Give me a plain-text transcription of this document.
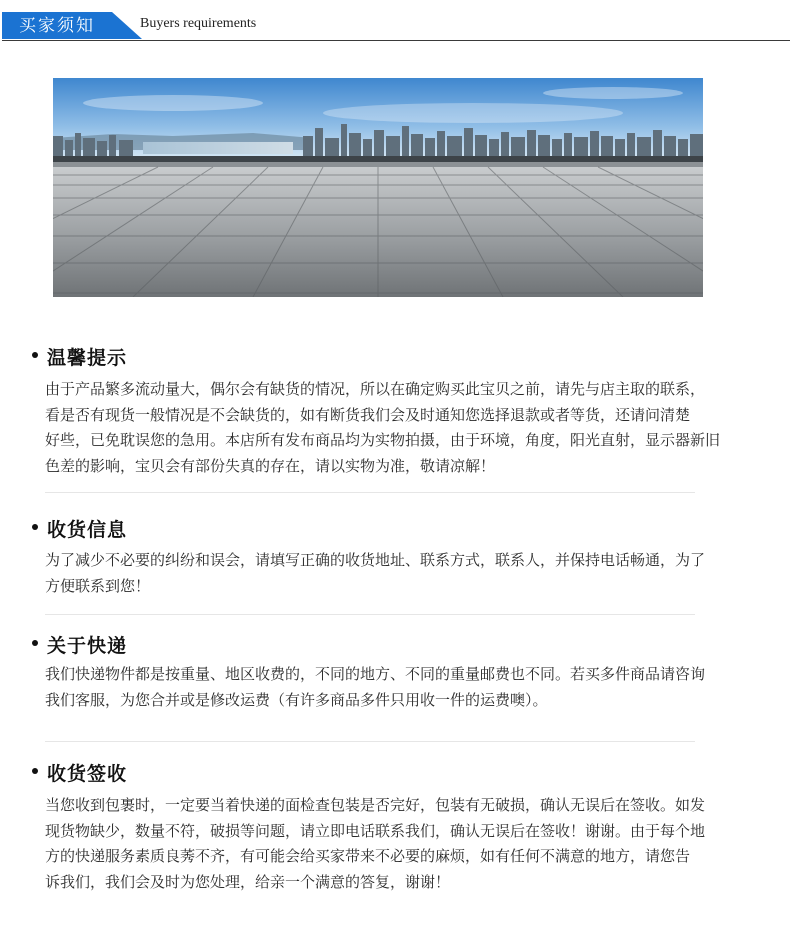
买家须知	Buyers requirements
温馨提示
由于产品繁多流动量大，偶尔会有缺货的情况，所以在确定购买此宝贝之前，请先与店主取的联系，
看是否有现货一般情况是不会缺货的，如有断货我们会及时通知您选择退款或者等货，还请问清楚
好些，已免耽误您的急用。本店所有发布商品均为实物拍摄，由于环境，角度，阳光直射，显示器新旧
色差的影响，宝贝会有部份失真的存在，请以实物为准，敬请凉解！
收货信息
为了减少不必要的纠纷和误会，请填写正确的收货地址、联系方式，联系人，并保持电话畅通，为了
方便联系到您！
关于快递
我们快递物件都是按重量、地区收费的，不同的地方、不同的重量邮费也不同。若买多件商品请咨询
我们客服，为您合并或是修改运费（有许多商品多件只用收一件的运费噢）。
收货签收
当您收到包裹时，一定要当着快递的面检查包装是否完好，包装有无破损，确认无误后在签收。如发
现货物缺少，数量不符，破损等问题，请立即电话联系我们，确认无误后在签收！谢谢。由于每个地
方的快递服务素质良莠不齐，有可能会给买家带来不必要的麻烦，如有任何不满意的地方，请您告
诉我们，我们会及时为您处理，给亲一个满意的答复，谢谢！
